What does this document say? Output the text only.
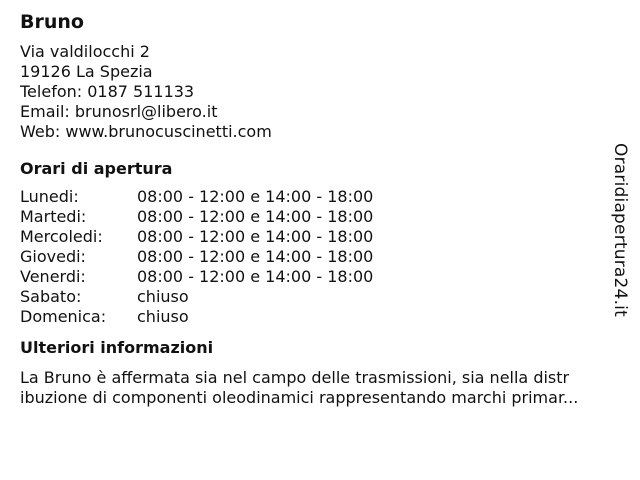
Bruno
Via valdilocchi 2
19126 La Spezia
Telefon: 0187 511133
Email: brunosrl@libero.it
Web: www.brunocuscinetti.com
Orari di apertura
Lunedi:	08:00 - 12:00 e 14:00 - 18:00
Martedi:	08:00 - 12:00 e 14:00 - 18:00
Mercoledi:	08:00 - 12:00 e 14:00 - 18:00
Giovedi:	08:00 - 12:00 e 14:00 - 18:00
Venerdi:	08:00 - 12:00 e 14:00 - 18:00
Sabato:	chiuso
Domenica:	chiuso
Ulteriori informazioni
La Bruno è affermata sia nel campo delle trasmissioni, sia nella distr
ibuzione di componenti oleodinamici rappresentando marchi primar...
Oraridiapertura24.it
